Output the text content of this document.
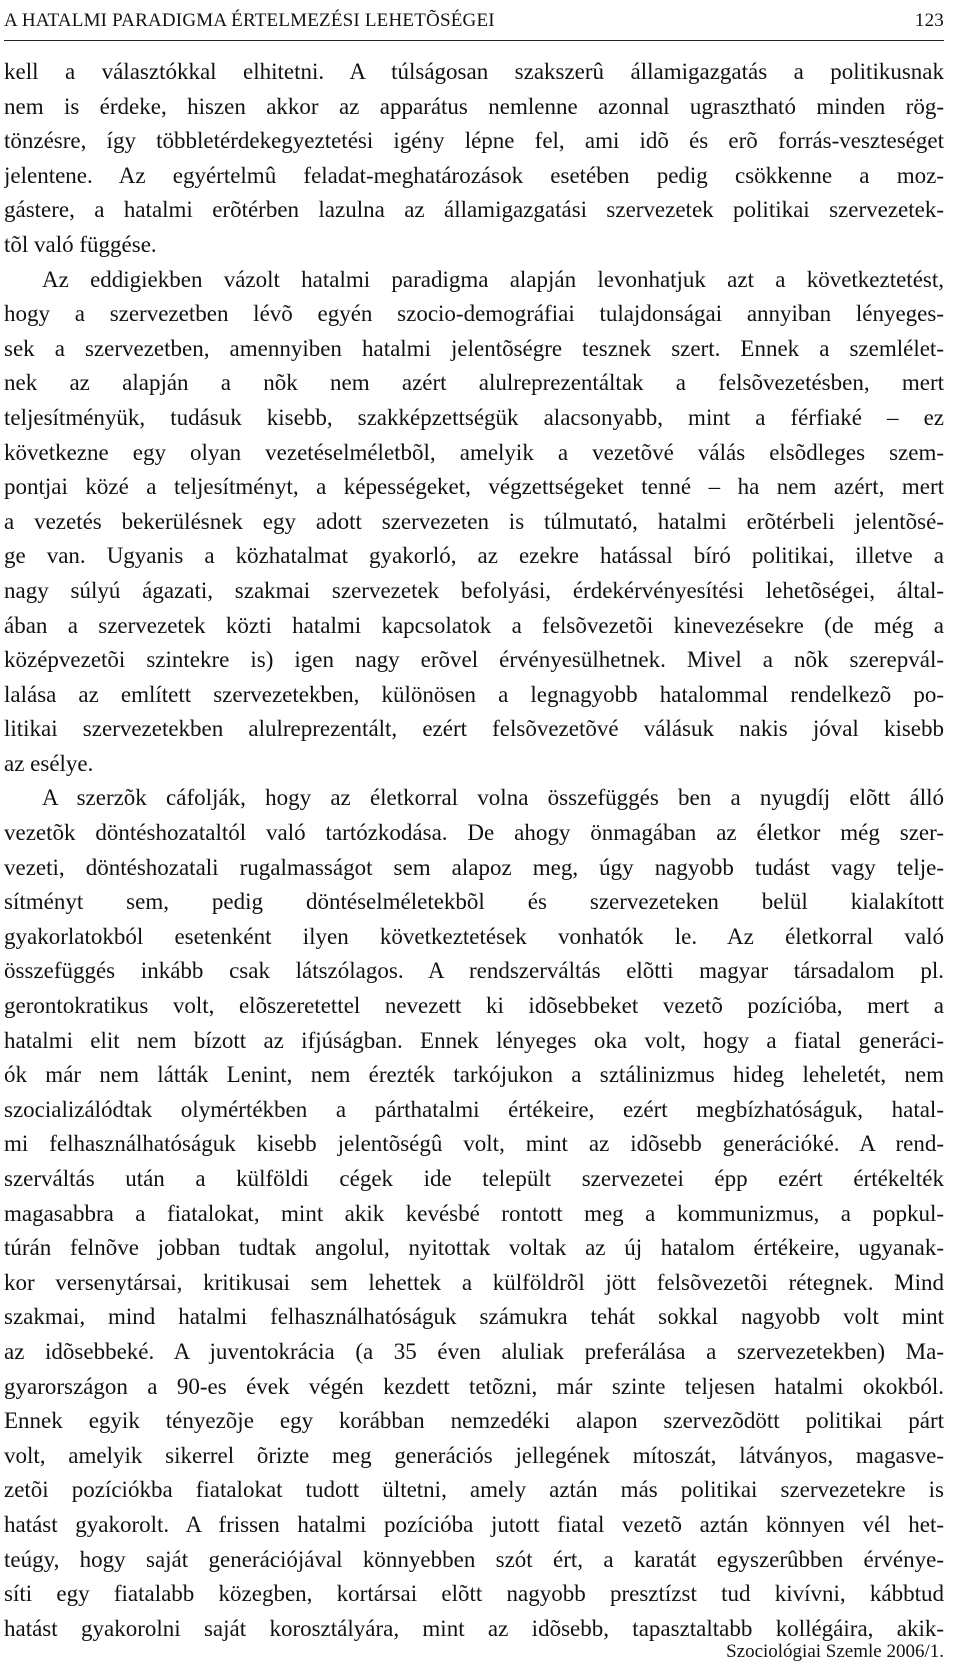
A HATALMI PARADIGMA ÉRTELMEZÉSI LEHETÕSÉGEI	123
kell a választókkal elhitetni. A túlságosan szakszerû államigazgatás a politikusnak
nem is érdeke, hiszen akkor az apparátus nemlenne azonnal ugrasztható minden rög-
tönzésre, így többletérdekegyeztetési igény lépne fel, ami idõ és erõ forrás-veszteséget
jelentene. Az egyértelmû feladat-meghatározások esetében pedig csökkenne a moz-
gástere, a hatalmi erõtérben lazulna az államigazgatási szervezetek politikai szervezetek-
tõl való függése.
Az eddigiekben vázolt hatalmi paradigma alapján levonhatjuk azt a következtetést,
hogy a szervezetben lévõ egyén szocio-demográfiai tulajdonságai annyiban lényeges-
sek a szervezetben, amennyiben hatalmi jelentõségre tesznek szert. Ennek a szemlélet-
nek az alapján a nõk nem azért alulreprezentáltak a felsõvezetésben, mert
teljesítményük, tudásuk kisebb, szakképzettségük alacsonyabb, mint a férfiaké – ez
következne egy olyan vezetéselméletbõl, amelyik a vezetõvé válás elsõdleges szem-
pontjai közé a teljesítményt, a képességeket, végzettségeket tenné – ha nem azért, mert
a vezetés bekerülésnek egy adott szervezeten is túlmutató, hatalmi erõtérbeli jelentõsé-
ge van. Ugyanis a közhatalmat gyakorló, az ezekre hatással bíró politikai, illetve a
nagy súlyú ágazati, szakmai szervezetek befolyási, érdekérvényesítési lehetõségei, által-
ában a szervezetek közti hatalmi kapcsolatok a felsõvezetõi kinevezésekre (de még a
középvezetõi szintekre is) igen nagy erõvel érvényesülhetnek. Mivel a nõk szerepvál-
lalása az említett szervezetekben, különösen a legnagyobb hatalommal rendelkezõ po-
litikai szervezetekben alulreprezentált, ezért felsõvezetõvé válásuk nakis jóval kisebb
az esélye.
A szerzõk cáfolják, hogy az életkorral volna összefüggés ben a nyugdíj elõtt álló
vezetõk döntéshozataltól való tartózkodása. De ahogy önmagában az életkor még szer-
vezeti, döntéshozatali rugalmasságot sem alapoz meg, úgy nagyobb tudást vagy telje-
sítményt sem, pedig döntéselméletekbõl és szervezeteken belül kialakított
gyakorlatokból esetenként ilyen következtetések vonhatók le. Az életkorral való
összefüggés inkább csak látszólagos. A rendszerváltás elõtti magyar társadalom pl.
gerontokratikus volt, elõszeretettel nevezett ki idõsebbeket vezetõ pozícióba, mert a
hatalmi elit nem bízott az ifjúságban. Ennek lényeges oka volt, hogy a fiatal generáci-
ók már nem látták Lenint, nem érezték tarkójukon a sztálinizmus hideg leheletét, nem
szocializálódtak olymértékben a párthatalmi értékeire, ezért megbízhatóságuk, hatal-
mi felhasználhatóságuk kisebb jelentõségû volt, mint az idõsebb generációké. A rend-
szerváltás után a külföldi cégek ide települt szervezetei épp ezért értékelték
magasabbra a fiatalokat, mint akik kevésbé rontott meg a kommunizmus, a popkul-
túrán felnõve jobban tudtak angolul, nyitottak voltak az új hatalom értékeire, ugyanak-
kor versenytársai, kritikusai sem lehettek a külföldrõl jött felsõvezetõi rétegnek. Mind
szakmai, mind hatalmi felhasználhatóságuk számukra tehát sokkal nagyobb volt mint
az idõsebbeké. A juventokrácia (a 35 éven aluliak preferálása a szervezetekben) Ma-
gyarországon a 90-es évek végén kezdett tetõzni, már szinte teljesen hatalmi okokból.
Ennek egyik tényezõje egy korábban nemzedéki alapon szervezõdött politikai párt
volt, amelyik sikerrel õrizte meg generációs jellegének mítoszát, látványos, magasve-
zetõi pozíciókba fiatalokat tudott ültetni, amely aztán más politikai szervezetekre is
hatást gyakorolt. A frissen hatalmi pozícióba jutott fiatal vezetõ aztán könnyen vél het-
teúgy, hogy saját generációjával könnyebben szót ért, a karatát egyszerûbben érvénye-
síti egy fiatalabb közegben, kortársai elõtt nagyobb presztízst tud kivívni, kábbtud
hatást gyakorolni saját korosztályára, mint az idõsebb, tapasztaltabb kollégáira, akik-
Szociológiai Szemle 2006/1.
